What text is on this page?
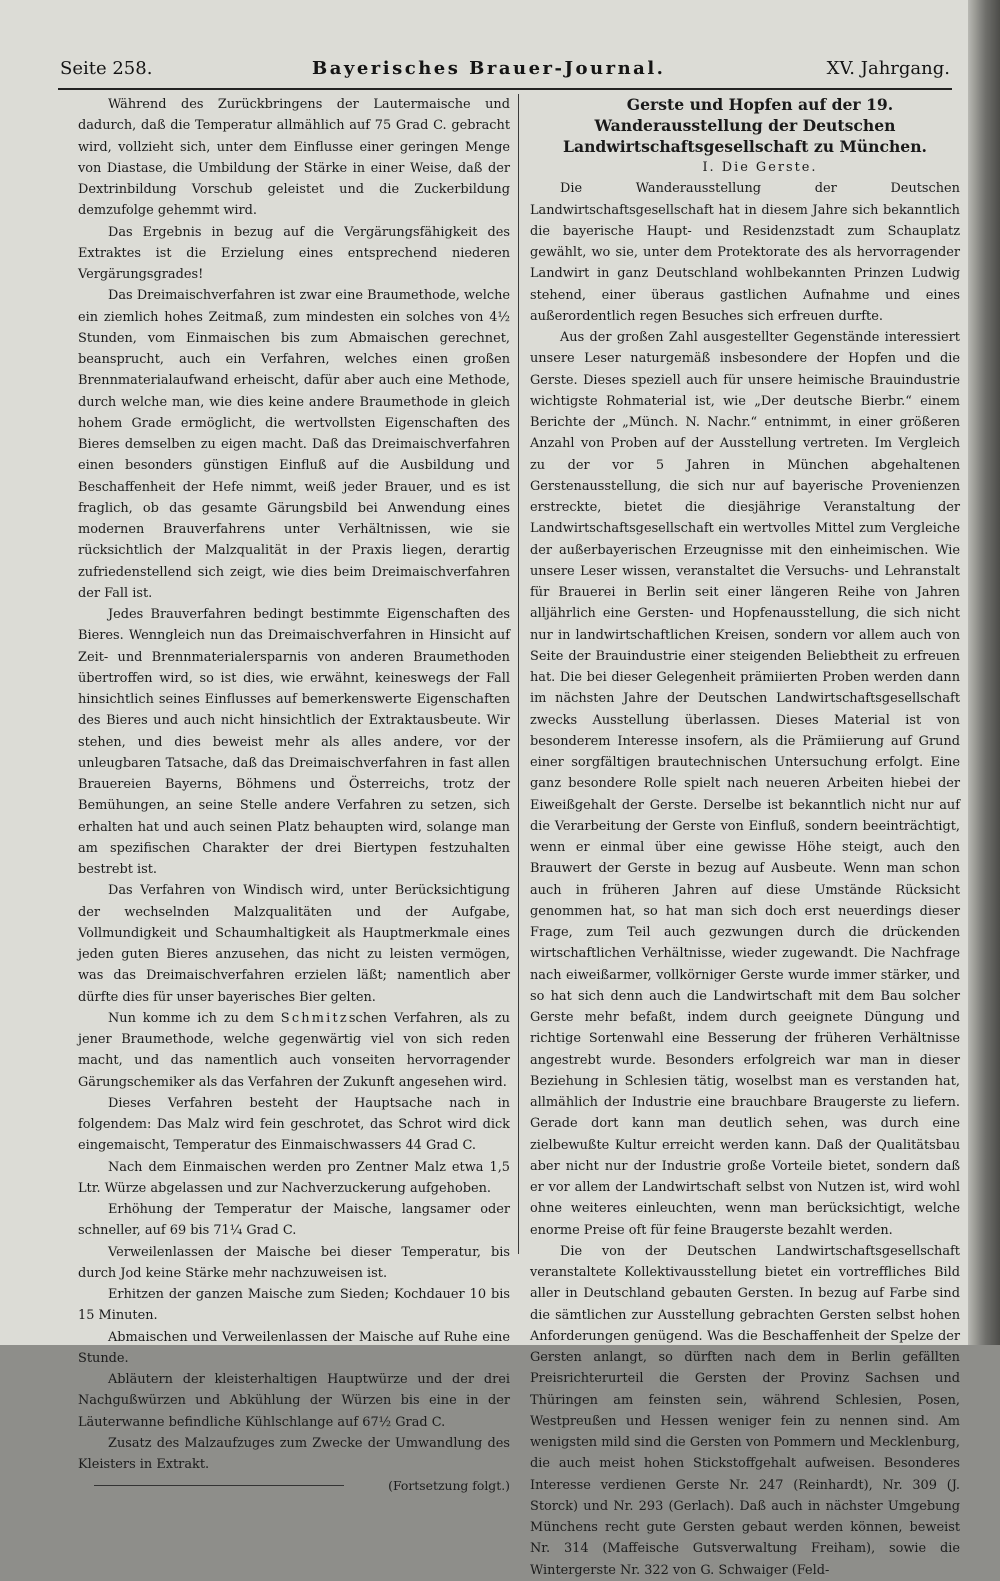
Seite 258.	Bayerisches Brauer-Journal.	XV. Jahrgang.

Während des Zurückbringens der Lautermaische und dadurch, daß die Temperatur allmählich auf 75 Grad C. gebracht wird, vollzieht sich, unter dem Einflusse einer geringen Menge von Diastase, die Umbildung der Stärke in einer Weise, daß der Dextrinbildung Vorschub geleistet und die Zuckerbildung demzufolge gehemmt wird.

Das Ergebnis in bezug auf die Vergärungsfähigkeit des Extraktes ist die Erzielung eines entsprechend niederen Vergärungsgrades!

Das Dreimaischverfahren ist zwar eine Braumethode, welche ein ziemlich hohes Zeitmaß, zum mindesten ein solches von 4½ Stunden, vom Einmaischen bis zum Abmaischen gerechnet, beansprucht, auch ein Verfahren, welches einen großen Brennmaterialaufwand erheischt, dafür aber auch eine Methode, durch welche man, wie dies keine andere Braumethode in gleich hohem Grade ermöglicht, die wertvollsten Eigenschaften des Bieres demselben zu eigen macht. Daß das Dreimaischverfahren einen besonders günstigen Einfluß auf die Ausbildung und Beschaffenheit der Hefe nimmt, weiß jeder Brauer, und es ist fraglich, ob das gesamte Gärungsbild bei Anwendung eines modernen Brauverfahrens unter Verhältnissen, wie sie rücksichtlich der Malzqualität in der Praxis liegen, derartig zufriedenstellend sich zeigt, wie dies beim Dreimaischverfahren der Fall ist.

Jedes Brauverfahren bedingt bestimmte Eigenschaften des Bieres. Wenngleich nun das Dreimaischverfahren in Hinsicht auf Zeit- und Brennmaterialersparnis von anderen Braumethoden übertroffen wird, so ist dies, wie erwähnt, keineswegs der Fall hinsichtlich seines Einflusses auf bemerkenswerte Eigenschaften des Bieres und auch nicht hinsichtlich der Extraktausbeute. Wir stehen, und dies beweist mehr als alles andere, vor der unleugbaren Tatsache, daß das Dreimaischverfahren in fast allen Brauereien Bayerns, Böhmens und Österreichs, trotz der Bemühungen, an seine Stelle andere Verfahren zu setzen, sich erhalten hat und auch seinen Platz behaupten wird, solange man am spezifischen Charakter der drei Biertypen festzuhalten bestrebt ist.

Das Verfahren von Windisch wird, unter Berücksichtigung der wechselnden Malzqualitäten und der Aufgabe, Vollmundigkeit und Schaumhaltigkeit als Hauptmerkmale eines jeden guten Bieres anzusehen, das nicht zu leisten vermögen, was das Dreimaischverfahren erzielen läßt; namentlich aber dürfte dies für unser bayerisches Bier gelten.

Nun komme ich zu dem Schmitzschen Verfahren, als zu jener Braumethode, welche gegenwärtig viel von sich reden macht, und das namentlich auch vonseiten hervorragender Gärungschemiker als das Verfahren der Zukunft angesehen wird.

Dieses Verfahren besteht der Hauptsache nach in folgendem: Das Malz wird fein geschrotet, das Schrot wird dick eingemaischt, Temperatur des Einmaischwassers 44 Grad C.

Nach dem Einmaischen werden pro Zentner Malz etwa 1,5 Ltr. Würze abgelassen und zur Nachverzuckerung aufgehoben.

Erhöhung der Temperatur der Maische, langsamer oder schneller, auf 69 bis 71¼ Grad C.

Verweilenlassen der Maische bei dieser Temperatur, bis durch Jod keine Stärke mehr nachzuweisen ist.

Erhitzen der ganzen Maische zum Sieden; Kochdauer 10 bis 15 Minuten.

Abmaischen und Verweilenlassen der Maische auf Ruhe eine Stunde.

Abläutern der kleisterhaltigen Hauptwürze und der drei Nachgußwürzen und Abkühlung der Würzen bis eine in der Läuterwanne befindliche Kühlschlange auf 67½ Grad C.

Zusatz des Malzaufzuges zum Zwecke der Umwandlung des Kleisters in Extrakt.

(Fortsetzung folgt.)

Gerste und Hopfen auf der 19. Wanderausstellung der Deutschen Landwirtschaftsgesellschaft zu München.

I. Die Gerste.

Die Wanderausstellung der Deutschen Landwirtschaftsgesellschaft hat in diesem Jahre sich bekanntlich die bayerische Haupt- und Residenzstadt zum Schauplatz gewählt, wo sie, unter dem Protektorate des als hervorragender Landwirt in ganz Deutschland wohlbekannten Prinzen Ludwig stehend, einer überaus gastlichen Aufnahme und eines außerordentlich regen Besuches sich erfreuen durfte.

Aus der großen Zahl ausgestellter Gegenstände interessiert unsere Leser naturgemäß insbesondere der Hopfen und die Gerste. Dieses speziell auch für unsere heimische Brauindustrie wichtigste Rohmaterial ist, wie „Der deutsche Bierbr.“ einem Berichte der „Münch. N. Nachr.“ entnimmt, in einer größeren Anzahl von Proben auf der Ausstellung vertreten. Im Vergleich zu der vor 5 Jahren in München abgehaltenen Gerstenausstellung, die sich nur auf bayerische Provenienzen erstreckte, bietet die diesjährige Veranstaltung der Landwirtschaftsgesellschaft ein wertvolles Mittel zum Vergleiche der außerbayerischen Erzeugnisse mit den einheimischen. Wie unsere Leser wissen, veranstaltet die Versuchs- und Lehranstalt für Brauerei in Berlin seit einer längeren Reihe von Jahren alljährlich eine Gersten- und Hopfenausstellung, die sich nicht nur in landwirtschaftlichen Kreisen, sondern vor allem auch von Seite der Brauindustrie einer steigenden Beliebtheit zu erfreuen hat. Die bei dieser Gelegenheit prämiierten Proben werden dann im nächsten Jahre der Deutschen Landwirtschaftsgesellschaft zwecks Ausstellung überlassen. Dieses Material ist von besonderem Interesse insofern, als die Prämiierung auf Grund einer sorgfältigen brautechnischen Untersuchung erfolgt. Eine ganz besondere Rolle spielt nach neueren Arbeiten hiebei der Eiweißgehalt der Gerste. Derselbe ist bekanntlich nicht nur auf die Verarbeitung der Gerste von Einfluß, sondern beeinträchtigt, wenn er einmal über eine gewisse Höhe steigt, auch den Brauwert der Gerste in bezug auf Ausbeute. Wenn man schon auch in früheren Jahren auf diese Umstände Rücksicht genommen hat, so hat man sich doch erst neuerdings dieser Frage, zum Teil auch gezwungen durch die drückenden wirtschaftlichen Verhältnisse, wieder zugewandt. Die Nachfrage nach eiweißarmer, vollkörniger Gerste wurde immer stärker, und so hat sich denn auch die Landwirtschaft mit dem Bau solcher Gerste mehr befaßt, indem durch geeignete Düngung und richtige Sortenwahl eine Besserung der früheren Verhältnisse angestrebt wurde. Besonders erfolgreich war man in dieser Beziehung in Schlesien tätig, woselbst man es verstanden hat, allmählich der Industrie eine brauchbare Braugerste zu liefern. Gerade dort kann man deutlich sehen, was durch eine zielbewußte Kultur erreicht werden kann. Daß der Qualitätsbau aber nicht nur der Industrie große Vorteile bietet, sondern daß er vor allem der Landwirtschaft selbst von Nutzen ist, wird wohl ohne weiteres einleuchten, wenn man berücksichtigt, welche enorme Preise oft für feine Braugerste bezahlt werden.

Die von der Deutschen Landwirtschaftsgesellschaft veranstaltete Kollektivausstellung bietet ein vortreffliches Bild aller in Deutschland gebauten Gersten. In bezug auf Farbe sind die sämtlichen zur Ausstellung gebrachten Gersten selbst hohen Anforderungen genügend. Was die Beschaffenheit der Spelze der Gersten anlangt, so dürften nach dem in Berlin gefällten Preisrichterurteil die Gersten der Provinz Sachsen und Thüringen am feinsten sein, während Schlesien, Posen, Westpreußen und Hessen weniger fein zu nennen sind. Am wenigsten mild sind die Gersten von Pommern und Mecklenburg, die auch meist hohen Stickstoffgehalt aufweisen. Besonderes Interesse verdienen Gerste Nr. 247 (Reinhardt), Nr. 309 (J. Storck) und Nr. 293 (Gerlach). Daß auch in nächster Umgebung Münchens recht gute Gersten gebaut werden können, beweist Nr. 314 (Maffeische Gutsverwaltung Freiham), sowie die Wintergerste Nr. 322 von G. Schwaiger (Feld-
